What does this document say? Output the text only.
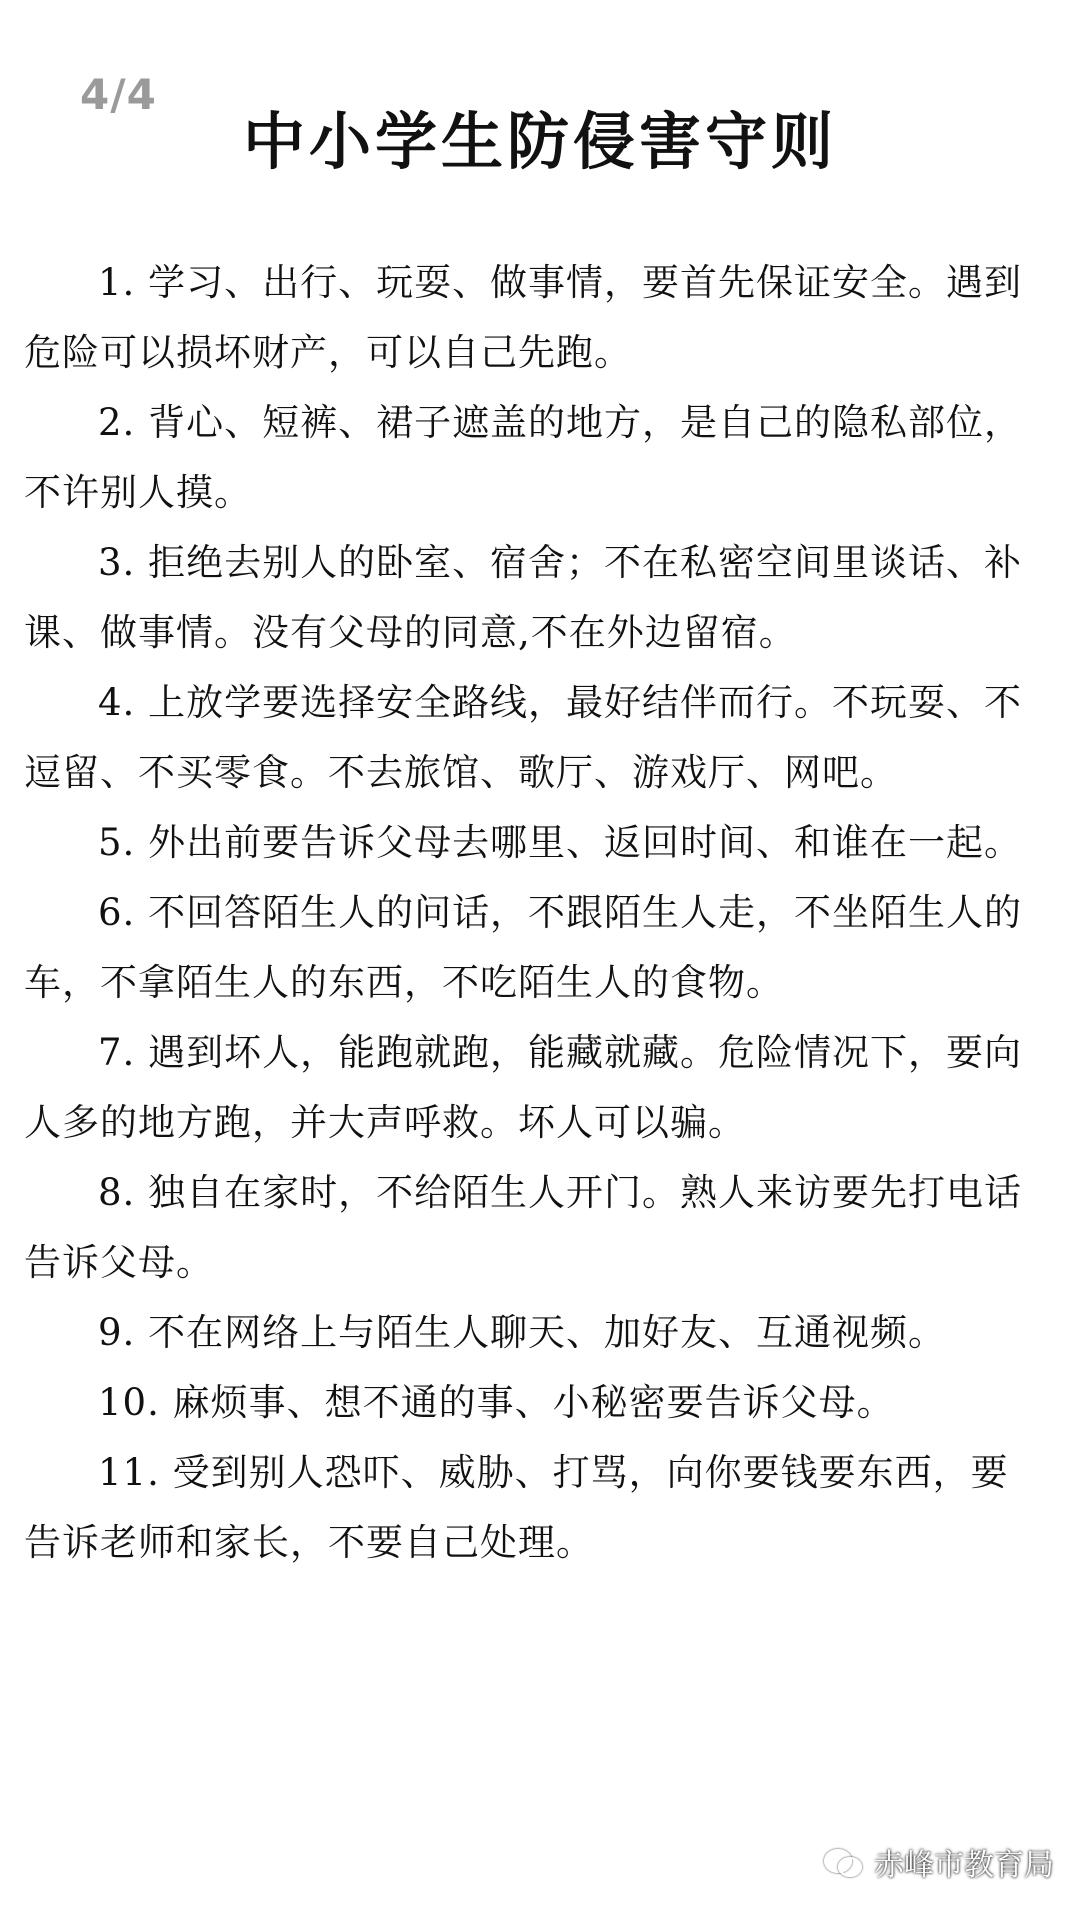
4/4
中小学生防侵害守则
1. 学习、出行、玩耍、做事情，要首先保证安全。遇到危险可以损坏财产，可以自己先跑。
2. 背心、短裤、裙子遮盖的地方，是自己的隐私部位，不许别人摸。
3. 拒绝去别人的卧室、宿舍；不在私密空间里谈话、补课、做事情。没有父母的同意,不在外边留宿。
4. 上放学要选择安全路线，最好结伴而行。不玩耍、不逗留、不买零食。不去旅馆、歌厅、游戏厅、网吧。
5. 外出前要告诉父母去哪里、返回时间、和谁在一起。
6. 不回答陌生人的问话，不跟陌生人走，不坐陌生人的车，不拿陌生人的东西，不吃陌生人的食物。
7. 遇到坏人，能跑就跑，能藏就藏。危险情况下，要向人多的地方跑，并大声呼救。坏人可以骗。
8. 独自在家时，不给陌生人开门。熟人来访要先打电话告诉父母。
9. 不在网络上与陌生人聊天、加好友、互通视频。
10. 麻烦事、想不通的事、小秘密要告诉父母。
11. 受到别人恐吓、威胁、打骂，向你要钱要东西，要告诉老师和家长，不要自己处理。
赤峰市教育局
